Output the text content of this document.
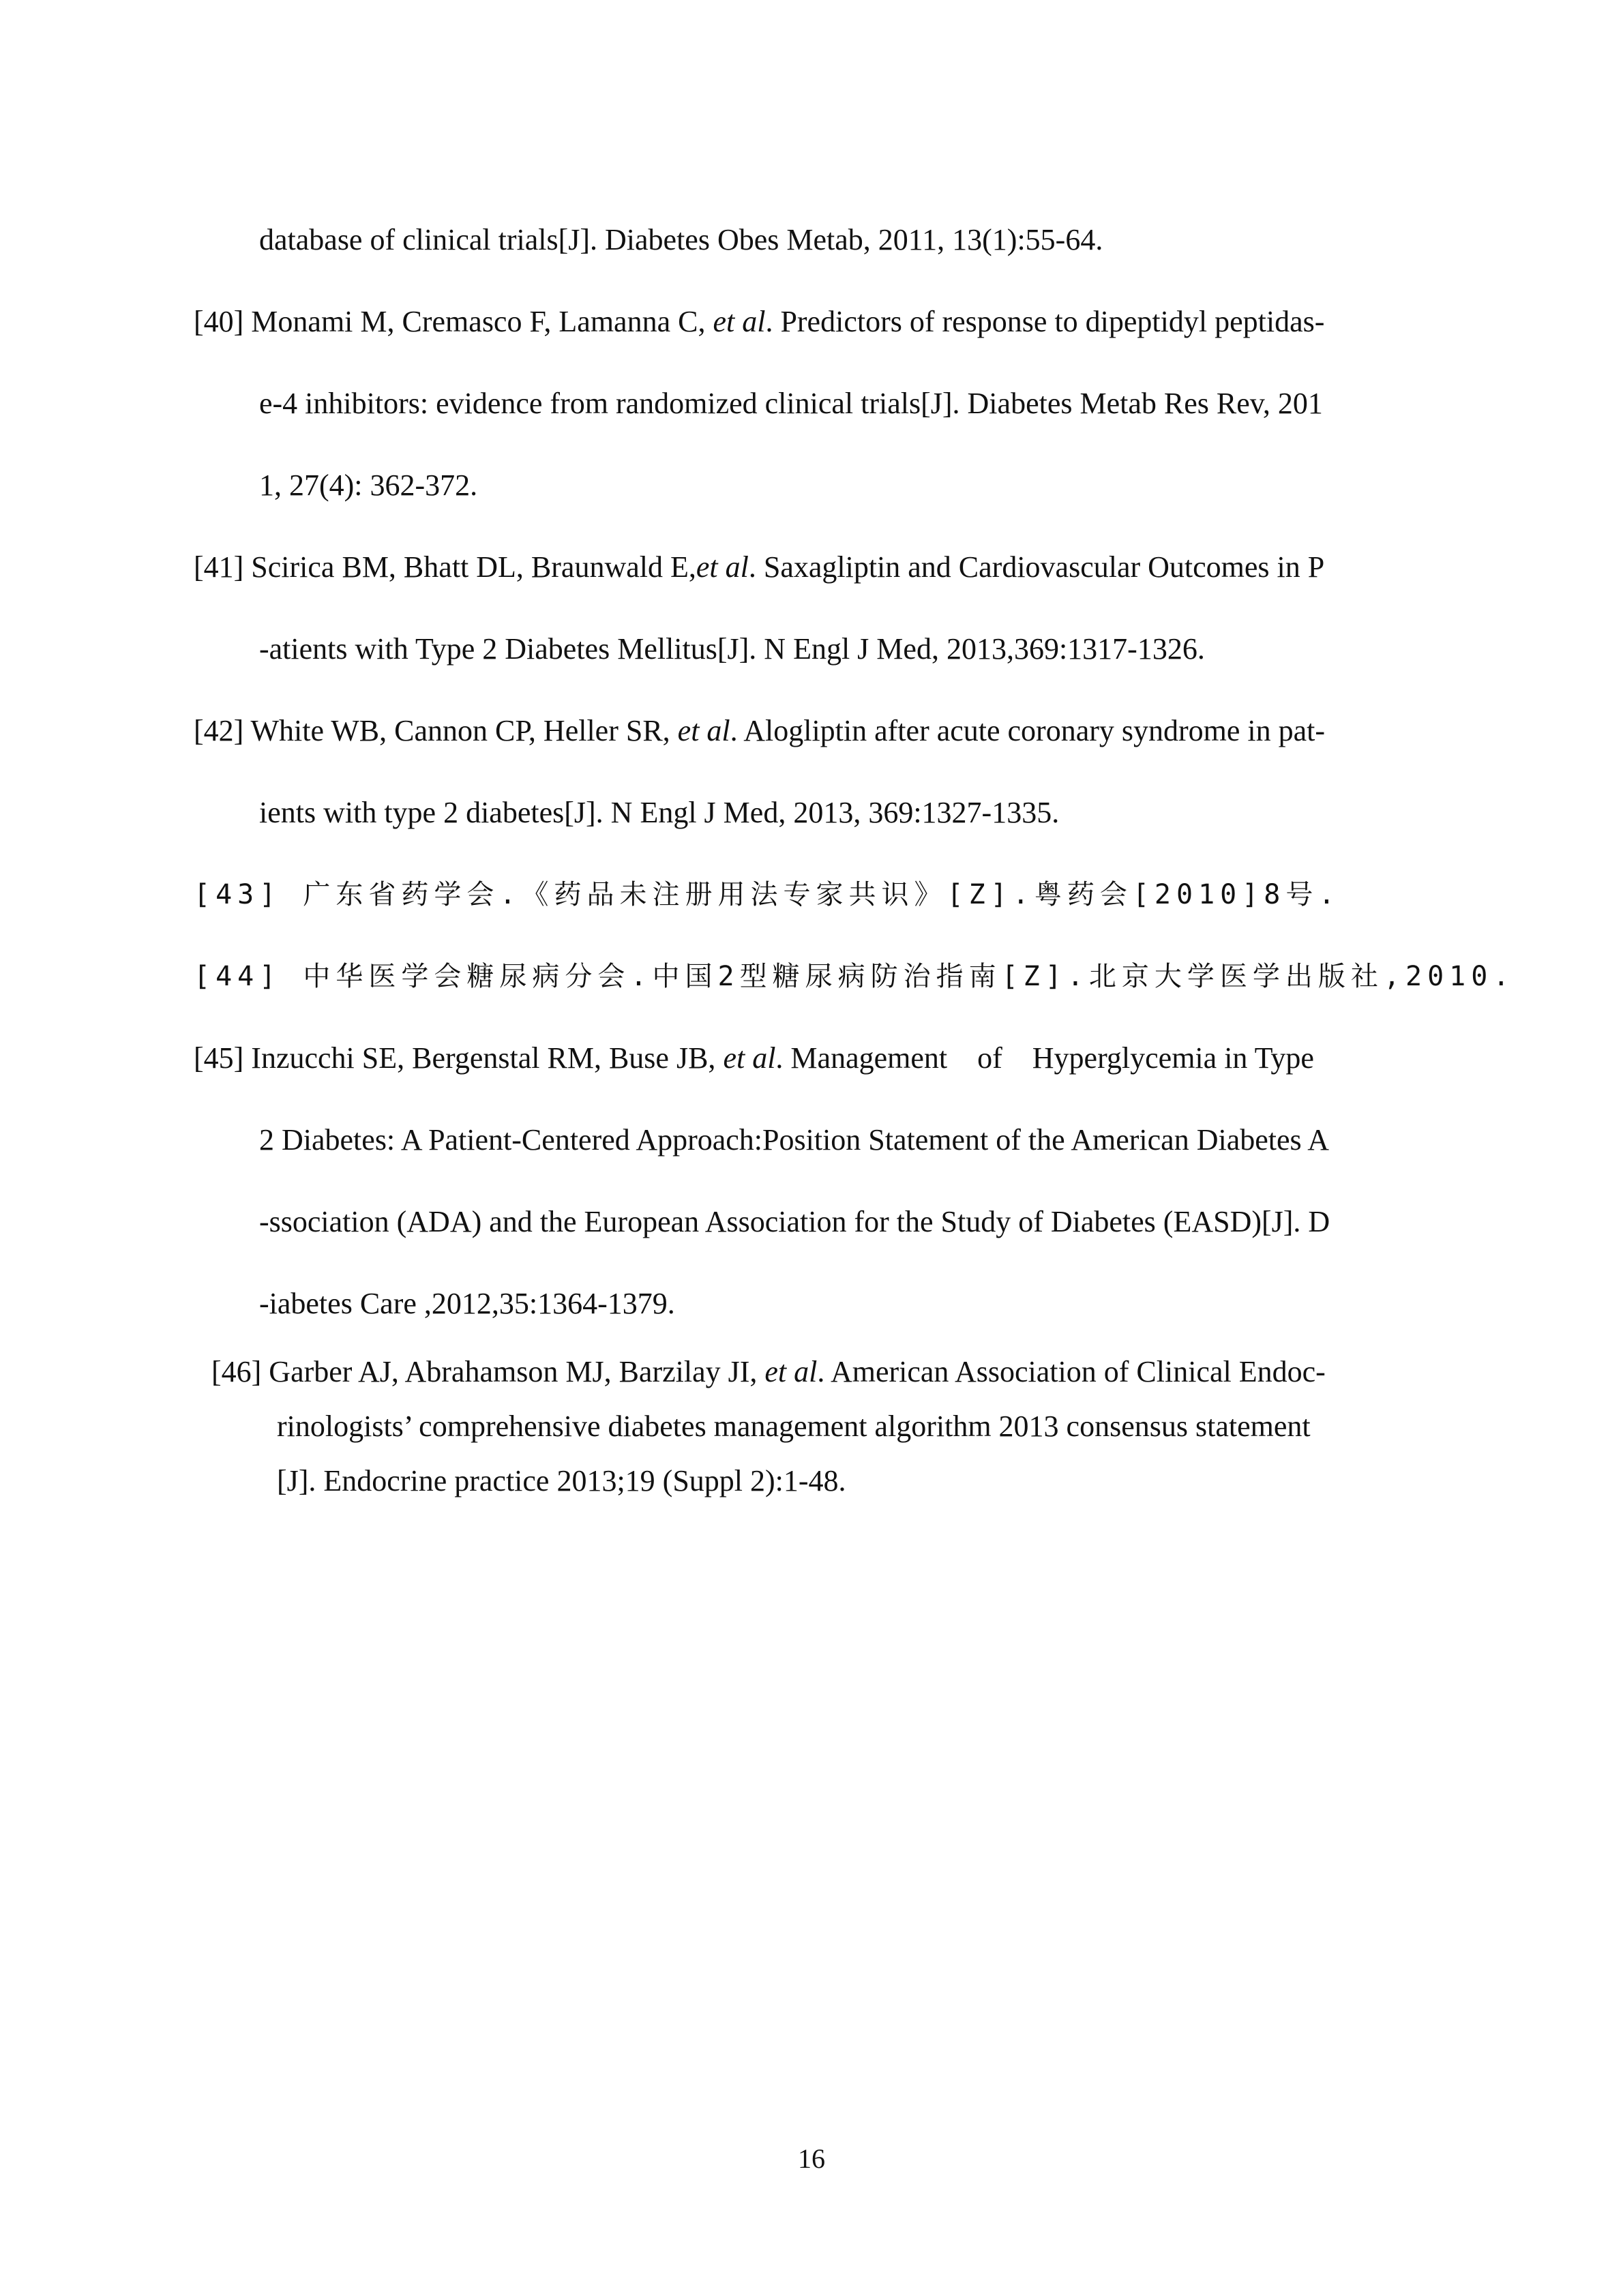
database of clinical trials[J]. Diabetes Obes Metab, 2011, 13(1):55-64.
[40] Monami M, Cremasco F, Lamanna C, et al. Predictors of response to dipeptidyl peptidas-
e-4 inhibitors: evidence from randomized clinical trials[J]. Diabetes Metab Res Rev, 201
1, 27(4): 362-372.
[41] Scirica BM, Bhatt DL, Braunwald E,et al. Saxagliptin and Cardiovascular Outcomes in P
-atients with Type 2 Diabetes Mellitus[J]. N Engl J Med, 2013,369:1317-1326.
[42] White WB, Cannon CP, Heller SR, et al. Alogliptin after acute coronary syndrome in pat-
ients with type 2 diabetes[J]. N Engl J Med, 2013, 369:1327-1335.
[43] 广东省药学会.《药品未注册用法专家共识》[Z].粤药会[2010]8号.
[44] 中华医学会糖尿病分会.中国2型糖尿病防治指南[Z].北京大学医学出版社,2010.
[45] Inzucchi SE, Bergenstal RM, Buse JB, et al. Management    of    Hyperglycemia in Type
2 Diabetes: A Patient-Centered Approach:Position Statement of the American Diabetes A
-ssociation (ADA) and the European Association for the Study of Diabetes (EASD)[J]. D
-iabetes Care ,2012,35:1364-1379.
[46] Garber AJ, Abrahamson MJ, Barzilay JI, et al. American Association of Clinical Endoc-
rinologists’ comprehensive diabetes management algorithm 2013 consensus statement
[J]. Endocrine practice 2013;19 (Suppl 2):1-48.
16
